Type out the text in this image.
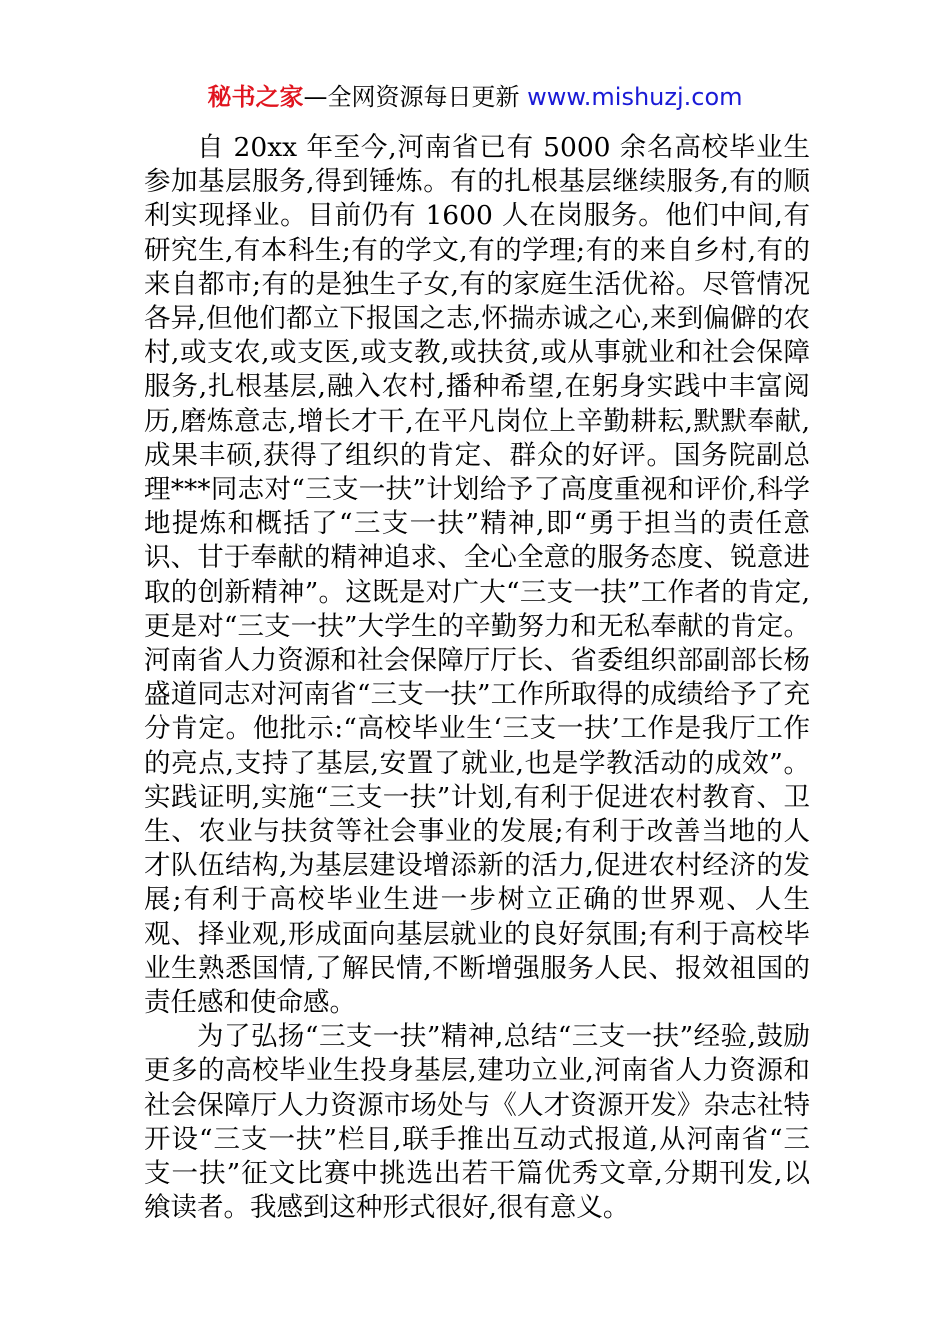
秘书之家—全网资源每日更新 www.mishuzj.com

自 20xx 年至今,河南省已有 5000 余名高校毕业生参加基层服务,得到锤炼。有的扎根基层继续服务,有的顺利实现择业。目前仍有 1600 人在岗服务。他们中间,有研究生,有本科生;有的学文,有的学理;有的来自乡村,有的来自都市;有的是独生子女,有的家庭生活优裕。尽管情况各异,但他们都立下报国之志,怀揣赤诚之心,来到偏僻的农村,或支农,或支医,或支教,或扶贫,或从事就业和社会保障服务,扎根基层,融入农村,播种希望,在躬身实践中丰富阅历,磨炼意志,增长才干,在平凡岗位上辛勤耕耘,默默奉献,成果丰硕,获得了组织的肯定、群众的好评。国务院副总理***同志对“三支一扶”计划给予了高度重视和评价,科学地提炼和概括了“三支一扶”精神,即“勇于担当的责任意识、甘于奉献的精神追求、全心全意的服务态度、锐意进取的创新精神”。这既是对广大“三支一扶”工作者的肯定,更是对“三支一扶”大学生的辛勤努力和无私奉献的肯定。河南省人力资源和社会保障厅厅长、省委组织部副部长杨盛道同志对河南省“三支一扶”工作所取得的成绩给予了充分肯定。他批示:“高校毕业生‘三支一扶’工作是我厅工作的亮点,支持了基层,安置了就业,也是学教活动的成效”。实践证明,实施“三支一扶”计划,有利于促进农村教育、卫生、农业与扶贫等社会事业的发展;有利于改善当地的人才队伍结构,为基层建设增添新的活力,促进农村经济的发展;有利于高校毕业生进一步树立正确的世界观、人生观、择业观,形成面向基层就业的良好氛围;有利于高校毕业生熟悉国情,了解民情,不断增强服务人民、报效祖国的责任感和使命感。

为了弘扬“三支一扶”精神,总结“三支一扶”经验,鼓励更多的高校毕业生投身基层,建功立业,河南省人力资源和社会保障厅人力资源市场处与《人才资源开发》杂志社特开设“三支一扶”栏目,联手推出互动式报道,从河南省“三支一扶”征文比赛中挑选出若干篇优秀文章,分期刊发,以飨读者。我感到这种形式很好,很有意义。
